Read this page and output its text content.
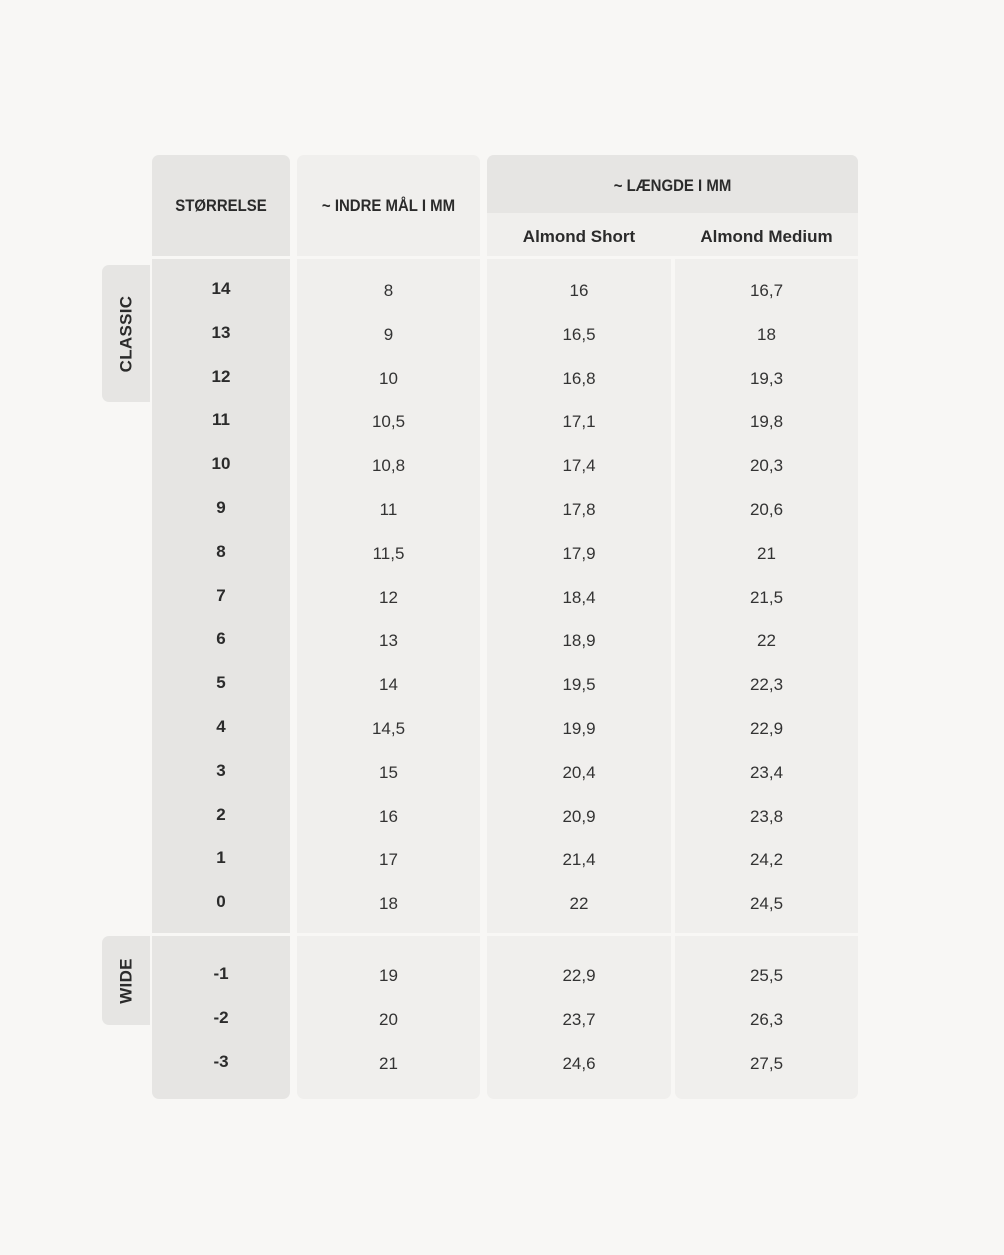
CLASSIC
WIDE
STØRRELSE	~ INDRE MÅL I MM
~ LÆNGDE I MM
Almond Short	Almond Medium
14	8	16	16,7
13	9	16,5	18
12	10	16,8	19,3
11	10,5	17,1	19,8
10	10,8	17,4	20,3
9	11	17,8	20,6
8	11,5	17,9	21
7	12	18,4	21,5
6	13	18,9	22
5	14	19,5	22,3
4	14,5	19,9	22,9
3	15	20,4	23,4
2	16	20,9	23,8
1	17	21,4	24,2
0	18	22	24,5
-1	19	22,9	25,5
-2	20	23,7	26,3
-3	21	24,6	27,5
